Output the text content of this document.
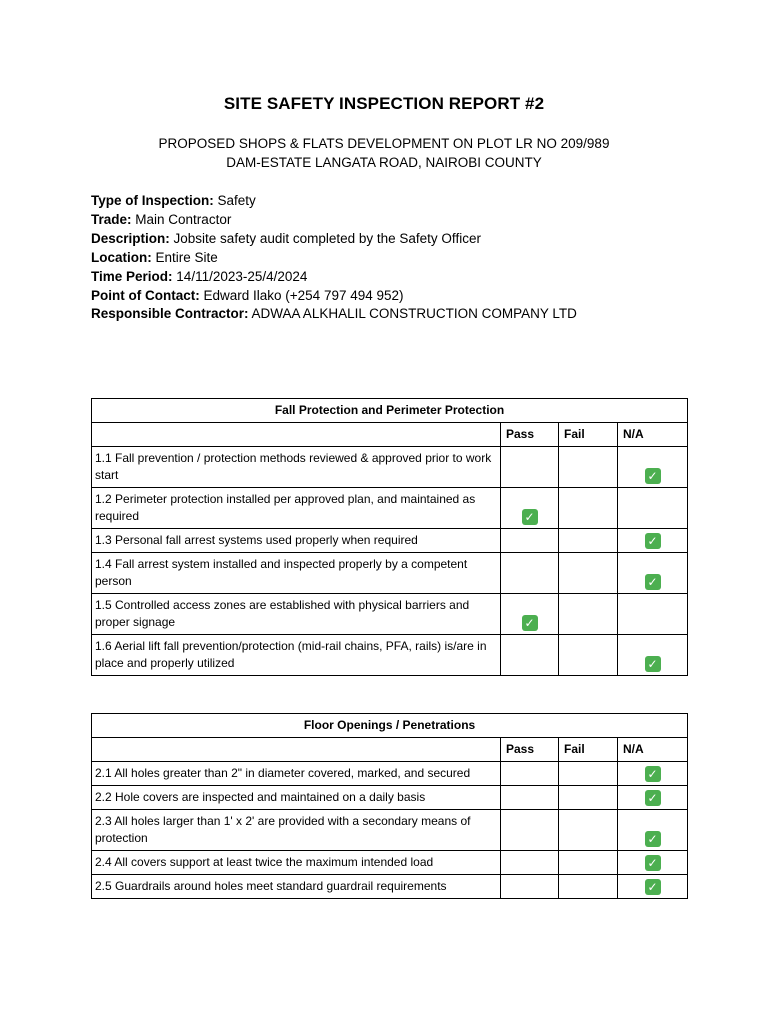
SITE SAFETY INSPECTION REPORT #2
PROPOSED SHOPS & FLATS DEVELOPMENT ON PLOT LR NO 209/989
DAM-ESTATE LANGATA ROAD, NAIROBI COUNTY
Type of Inspection: Safety
Trade: Main Contractor
Description: Jobsite safety audit completed by the Safety Officer
Location: Entire Site
Time Period: 14/11/2023-25/4/2024
Point of Contact: Edward Ilako (+254 797 494 952)
Responsible Contractor: ADWAA ALKHALIL CONSTRUCTION COMPANY LTD
Fall Protection and Perimeter Protection			
	Pass	Fail	N/A
1.1 Fall prevention / protection methods reviewed & approved prior to work start			✓
1.2 Perimeter protection installed per approved plan, and maintained as required	✓		
1.3 Personal fall arrest systems used properly when required			✓
1.4 Fall arrest system installed and inspected properly by a competent person			✓
1.5 Controlled access zones are established with physical barriers and proper signage	✓		
1.6 Aerial lift fall prevention/protection (mid-rail chains, PFA, rails) is/are in place and properly utilized			✓
Floor Openings / Penetrations			
	Pass	Fail	N/A
2.1 All holes greater than 2" in diameter covered, marked, and secured			✓
2.2 Hole covers are inspected and maintained on a daily basis			✓
2.3 All holes larger than 1' x 2' are provided with a secondary means of protection			✓
2.4 All covers support at least twice the maximum intended load			✓
2.5 Guardrails around holes meet standard guardrail requirements			✓
